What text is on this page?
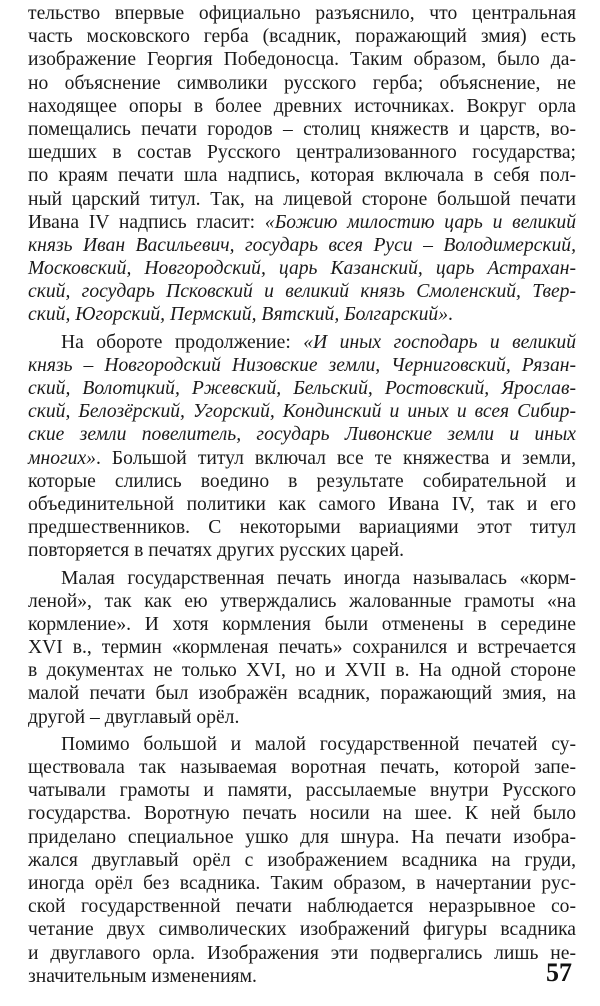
тельство впервые официально разъяснило, что центральная
часть московского герба (всадник, поражающий змия) есть
изображение Георгия Победоносца. Таким образом, было да-
но объяснение символики русского герба; объяснение, не
находящее опоры в более древних источниках. Вокруг орла
помещались печати городов – столиц княжеств и царств, во-
шедших в состав Русского централизованного государства;
по краям печати шла надпись, которая включала в себя пол-
ный царский титул. Так, на лицевой стороне большой печати
Ивана IV надпись гласит: «Божию милостию царь и великий
князь Иван Васильевич, государь всея Руси – Володимерский,
Московский, Новгородский, царь Казанский, царь Астрахан-
ский, государь Псковский и великий князь Смоленский, Твер-
ский, Югорский, Пермский, Вятский, Болгарский».
На обороте продолжение: «И иных господарь и великий
князь – Новгородский Низовские земли, Черниговский, Рязан-
ский, Волотцкий, Ржевский, Бельский, Ростовский, Ярослав-
ский, Белозёрский, Угорский, Кондинский и иных и всея Сибир-
ские земли повелитель, государь Ливонские земли и иных
многих». Большой титул включал все те княжества и земли,
которые слились воедино в результате собирательной и
объединительной политики как самого Ивана IV, так и его
предшественников. С некоторыми вариациями этот титул
повторяется в печатях других русских царей.
Малая государственная печать иногда называлась «корм-
леной», так как ею утверждались жалованные грамоты «на
кормление». И хотя кормления были отменены в середине
XVI в., термин «кормленая печать» сохранился и встречается
в документах не только XVI, но и XVII в. На одной стороне
малой печати был изображён всадник, поражающий змия, на
другой – двуглавый орёл.
Помимо большой и малой государственной печатей су-
ществовала так называемая воротная печать, которой запе-
чатывали грамоты и памяти, рассылаемые внутри Русского
государства. Воротную печать носили на шее. К ней было
приделано специальное ушко для шнура. На печати изобра-
жался двуглавый орёл с изображением всадника на груди,
иногда орёл без всадника. Таким образом, в начертании рус-
ской государственной печати наблюдается неразрывное со-
четание двух символических изображений фигуры всадника
и двуглавого орла. Изображения эти подвергались лишь не-
значительным изменениям.	57
